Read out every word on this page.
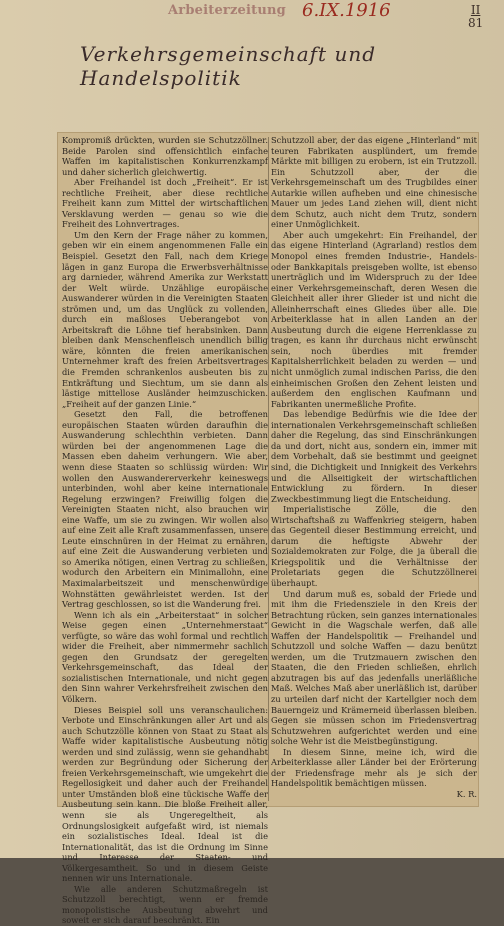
Arbeiterzeitung 6.IX.1916	II
81
Verkehrsgemeinschaft und Handelspolitik

Kompromiß drückten, wurden sie Schutzzöllner. Beide Parolen sind offensichtlich einfache Waffen im kapitalistischen Konkurrenzkampf und daher sicherlich gleichwertig.

Aber Freihandel ist doch „Freiheit“. Er ist rechtliche Freiheit, aber diese rechtliche Freiheit kann zum Mittel der wirtschaftlichen Versklavung werden — genau so wie die Freiheit des Lohnvertrages.

Um den Kern der Frage näher zu kommen, geben wir ein einem angenommenen Falle ein Beispiel. Gesetzt den Fall, nach dem Kriege lägen in ganz Europa die Erwerbsverhältnisse arg darnieder, während Amerika zur Werkstatt der Welt würde. Unzählige europäische Auswanderer würden in die Vereinigten Staaten strömen und, um das Unglück zu vollenden, durch ein maßloses Ueberangebot von Arbeitskraft die Löhne tief herabsinken. Dann bleiben dank Menschenfleisch unendlich billig wäre, könnten die freien amerikanischen Unternehmer kraft des freien Arbeitsvertrages die Fremden schrankenlos ausbeuten bis zu Entkräftung und Siechtum, um sie dann als lästige mittellose Ausländer heimzuschicken. „Freiheit auf der ganzen Linie.“

Gesetzt den Fall, die betroffenen europäischen Staaten würden daraufhin die Auswanderung schlechthin verbieten. Dann würden bei der angenommenen Lage die Massen eben daheim verhungern. Wie aber, wenn diese Staaten so schlüssig würden: Wir wollen den Auswandererverkehr keineswegs unterbinden, wohl aber keine internationale Regelung erzwingen? Freiwillig folgen die Vereinigten Staaten nicht, also brauchen wir eine Waffe, um sie zu zwingen. Wir wollen also auf eine Zeit alle Kraft zusammenfassen, unsere Leute einschnüren in der Heimat zu ernähren, auf eine Zeit die Auswanderung verbieten und so Amerika nötigen, einen Vertrag zu schließen, wodurch den Arbeitern ein Minimallohn, eine Maximalarbeitszeit und menschenwürdige Wohnstätten gewährleistet werden. Ist der Vertrag geschlossen, so ist die Wanderung frei.

Wenn ich als ein „Arbeiterstaat“ in solcher Weise gegen einen „Unternehmerstaat“ verfügte, so wäre das wohl formal und rechtlich wider die Freiheit, aber nimmermehr sachlich gegen den Grundsatz der geregelten Verkehrsgemeinschaft, das Ideal der sozialistischen Internationale, und nicht gegen den Sinn wahrer Verkehrsfreiheit zwischen den Völkern.

Dieses Beispiel soll uns veranschaulichen: Verbote und Einschränkungen aller Art und als auch Schutzzölle können von Staat zu Staat als Waffe wider kapitalistische Ausbeutung nötig werden und sind zulässig, wenn sie gehandhabt werden zur Begründung oder Sicherung der freien Verkehrsgemeinschaft, wie umgekehrt die Regellosigkeit und daher auch der Freihandel unter Umständen bloß eine tückische Waffe der Ausbeutung sein kann. Die bloße Freiheit aller, wenn sie als Ungeregeltheit, als Ordnungslosigkeit aufgefaßt wird, ist niemals ein sozialistisches Ideal. Ideal ist die Internationalität, das ist die Ordnung im Sinne und Interesse der Staaten- und Völkergesamtheit. So und in diesem Geiste nennen wir uns Internationale.

Wie alle anderen Schutzmaßregeln ist Schutzzoll berechtigt, wenn er fremde monopolistische Ausbeutung abwehrt und soweit er sich darauf beschränkt. Ein

Schutzzoll aber, der das eigene „Hinterland“ mit teuren Fabrikaten ausplündert, um fremde Märkte mit billigen zu erobern, ist ein Trutzzoll. Ein Schutzzoll aber, der die Verkehrsgemeinschaft um des Trugbildes einer Autarkie willen aufheben und eine chinesische Mauer um jedes Land ziehen will, dient nicht dem Schutz, auch nicht dem Trutz, sondern einer Unmöglichkeit.

Aber auch umgekehrt: Ein Freihandel, der das eigene Hinterland (Agrarland) restlos dem Monopol eines fremden Industrie-, Handels- oder Bankkapitals preisgeben wollte, ist ebenso unerträglich und im Widerspruch zu der Idee einer Verkehrsgemeinschaft, deren Wesen die Gleichheit aller ihrer Glieder ist und nicht die Alleinherrschaft eines Gliedes über alle. Die Arbeiterklasse hat in allen Landen an der Ausbeutung durch die eigene Herrenklasse zu tragen, es kann ihr durchaus nicht erwünscht sein, noch überdies mit fremder Kapitalsherrlichkeit beladen zu werden — und nicht unmöglich zumal indischen Pariss, die den einheimischen Großen den Zehent leisten und außerdem den englischen Kaufmann und Fabrikanten unermeßliche Profite.

Das lebendige Bedürfnis wie die Idee der internationalen Verkehrsgemeinschaft schließen daher die Regelung, das sind Einschränkungen da und dort, nicht aus, sondern ein, immer mit dem Vorbehalt, daß sie bestimmt und geeignet sind, die Dichtigkeit und Innigkeit des Verkehrs und die Allseitigkeit der wirtschaftlichen Entwicklung zu fördern. In dieser Zweckbestimmung liegt die Entscheidung.

Imperialistische Zölle, die den Wirtschaftshaß zu Waffenkrieg steigern, haben das Gegenteil dieser Bestimmung erreicht, und darum die heftigste Abwehr der Sozialdemokraten zur Folge, die ja überall die Kriegspolitik und die Verhältnisse der Proletariats gegen die Schutzzöllnerei überhaupt.

Und darum muß es, sobald der Friede und mit ihm die Friedensziele in den Kreis der Betrachtung rücken, sein ganzes internationales Gewicht in die Wagschale werfen, daß alle Waffen der Handelspolitik — Freihandel und Schutzzoll und solche Waffen — dazu benützt werden, um die Trutzmauern zwischen den Staaten, die den Frieden schließen, ehrlich abzutragen bis auf das jedenfalls unerläßliche Maß. Welches Maß aber unerläßlich ist, darüber zu urteilen darf nicht der Kartellgier noch dem Bauerngeiz und Krämerneid überlassen bleiben. Gegen sie müssen schon im Friedensvertrag Schutzwehren aufgerichtet werden und eine solche Wehr ist die Meistbegünstigung.

In diesem Sinne, meine ich, wird die Arbeiterklasse aller Länder bei der Erörterung der Friedensfrage mehr als je sich der Handelspolitik bemächtigen müssen.

K. R.
